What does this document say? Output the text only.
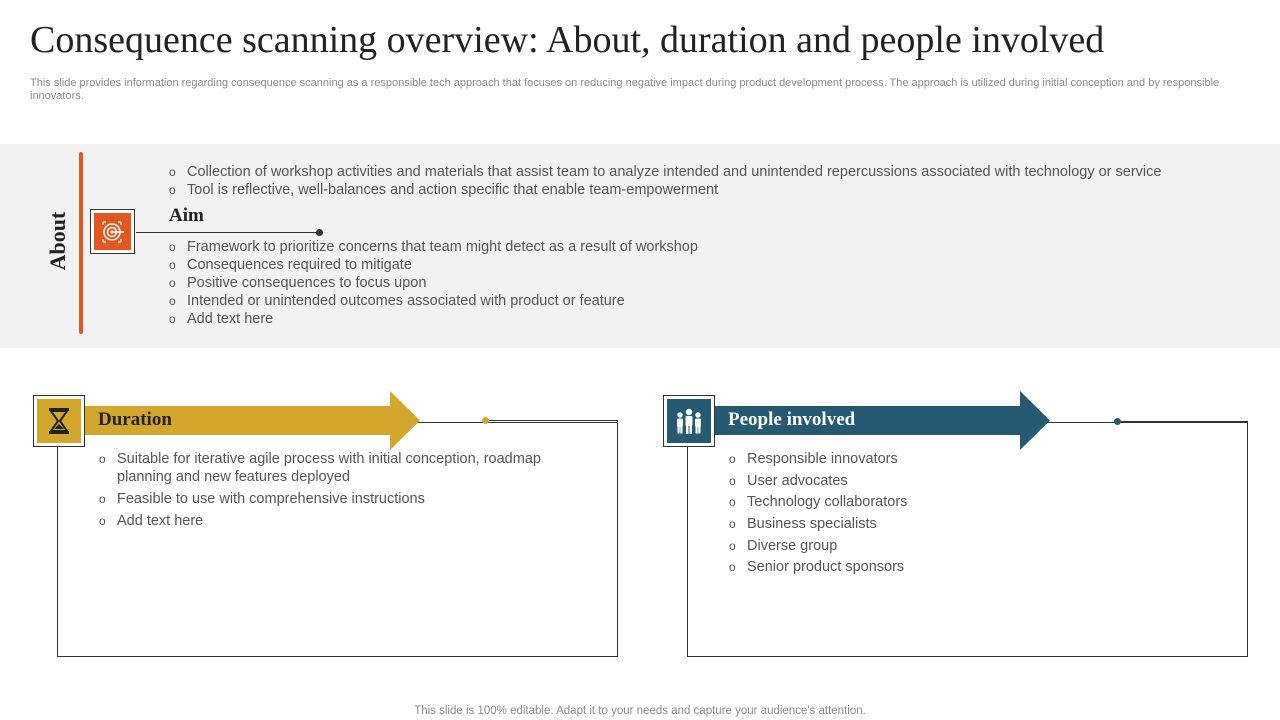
Consequence scanning overview: About, duration and people involved

This slide provides information regarding consequence scanning as a responsible tech approach that focuses on reducing negative impact during product development process. The approach is utilized during initial conception and by responsible innovators.

About
o Collection of workshop activities and materials that assist team to analyze intended and unintended repercussions associated with technology or service
o Tool is reflective, well-balances and action specific that enable team-empowerment
Aim
o Framework to prioritize concerns that team might detect as a result of workshop
o Consequences required to mitigate
o Positive consequences to focus upon
o Intended or unintended outcomes associated with product or feature
o Add text here
Duration
o Suitable for iterative agile process with initial conception, roadmap planning and new features deployed
o Feasible to use with comprehensive instructions
o Add text here
People involved
o Responsible innovators
o User advocates
o Technology collaborators
o Business specialists
o Diverse group
o Senior product sponsors
This slide is 100% editable. Adapt it to your needs and capture your audience's attention.
